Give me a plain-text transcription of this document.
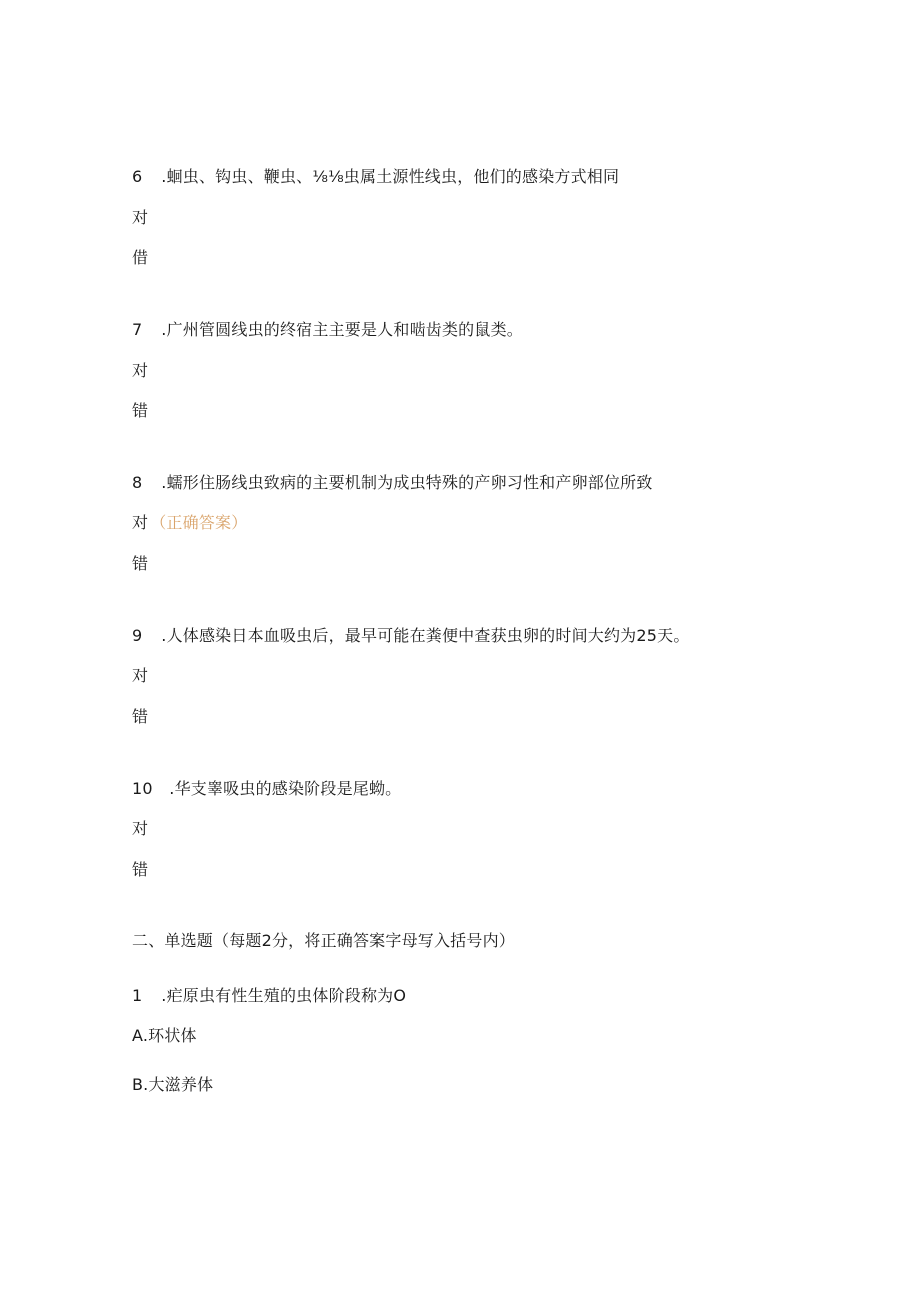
6 .蛔虫、钩虫、鞭虫、⅛⅛虫属土源性线虫，他们的感染方式相同
对
借
7 .广州管圆线虫的终宿主主要是人和啮齿类的鼠类。
对
错
8 .蠕形住肠线虫致病的主要机制为成虫特殊的产卵习性和产卵部位所致
对 （正确答案）
错
9 .人体感染日本血吸虫后，最早可能在粪便中查获虫卵的时间大约为25天。
对
错
10 .华支睾吸虫的感染阶段是尾蚴。
对
错
二、单选题（每题2分，将正确答案字母写入括号内）
1 .疟原虫有性生殖的虫体阶段称为O
A.环状体
B.大滋养体
